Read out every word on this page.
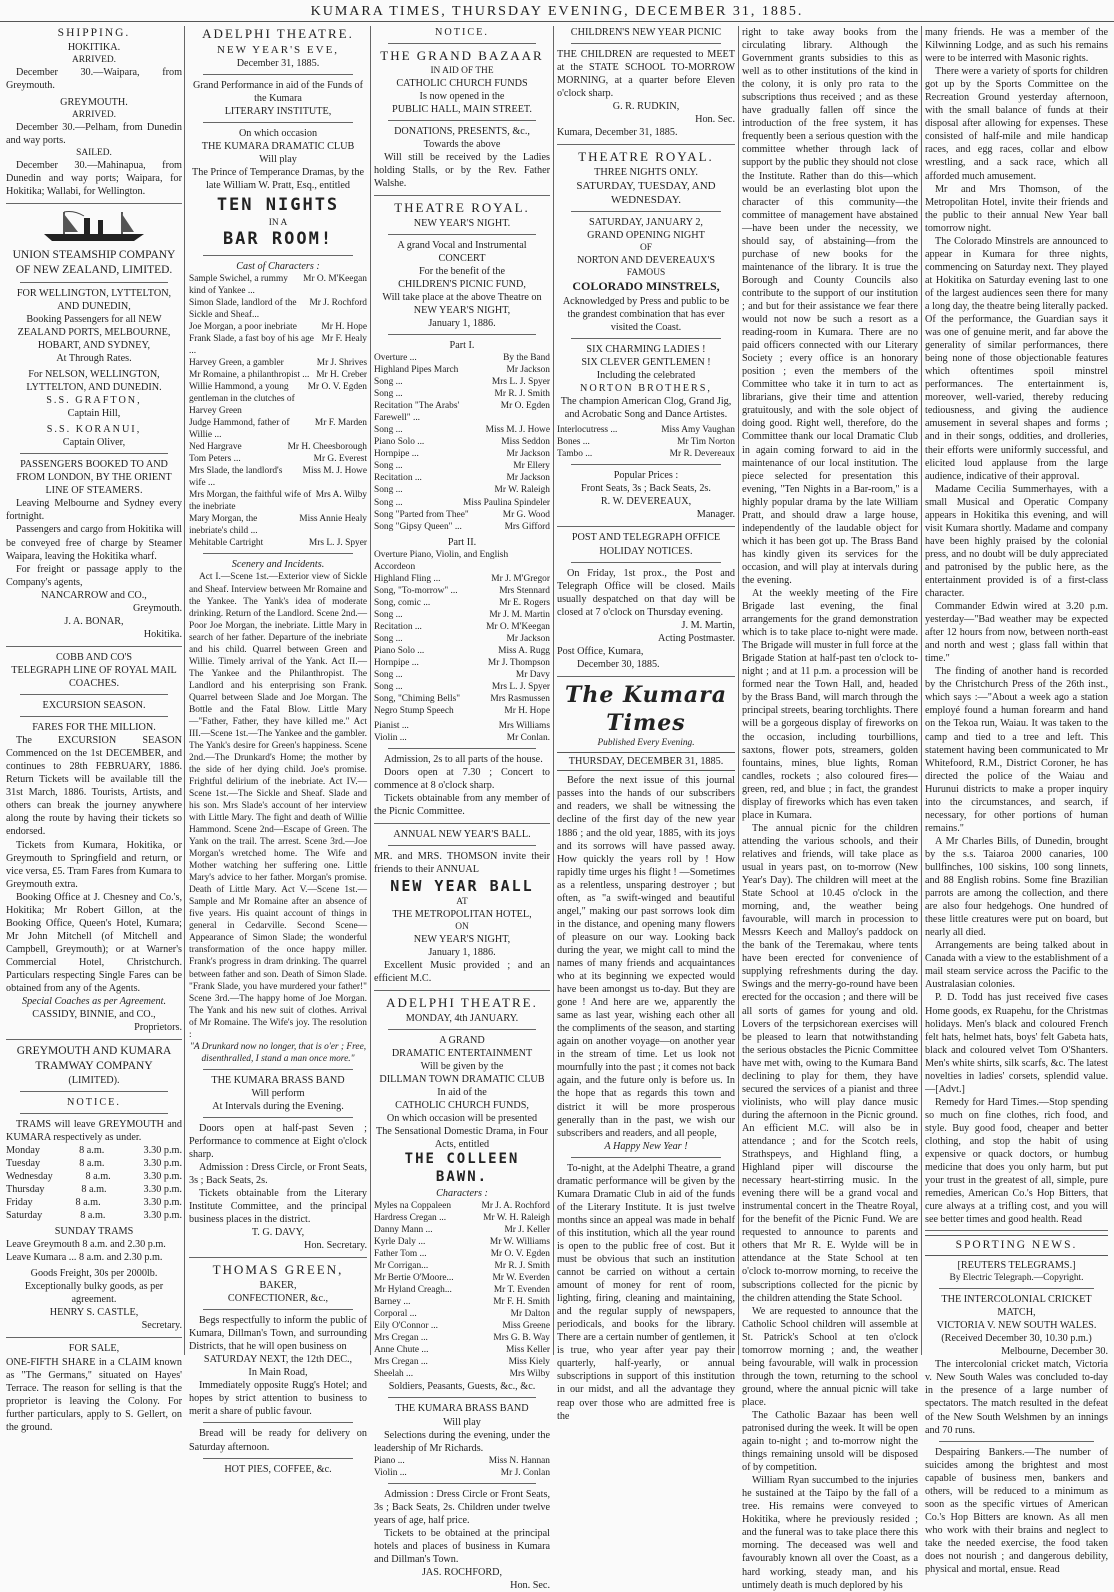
KUMARA TIMES, THURSDAY EVENING, DECEMBER 31, 1885.
SHIPPING.
HOKITIKA.
ARRIVED.

December 30.—Waipara, from Greymouth.

GREYMOUTH.
ARRIVED.

December 30.—Pelham, from Dunedin and way ports.

SAILED.

December 30.—Mahinapua, from Dunedin and way ports; Waipara, for Hokitika; Wallabi, for Wellington.

UNION STEAMSHIP COMPANY OF NEW ZEALAND, LIMITED.
FOR WELLINGTON, LYTTELTON, AND DUNEDIN,
Booking Passengers for all NEW ZEALAND PORTS, MELBOURNE, HOBART, AND SYDNEY,
At Through Rates.
For NELSON, WELLINGTON, LYTTELTON, AND DUNEDIN.
S.S. GRAFTON,
Captain Hill,
S.S. KORANUI,
Captain Oliver,
PASSENGERS BOOKED TO AND FROM LONDON, BY THE ORIENT LINE OF STEAMERS.

Leaving Melbourne and Sydney every fortnight.

Passengers and cargo from Hokitika will be conveyed free of charge by Steamer Waipara, leaving the Hokitika wharf.

For freight or passage apply to the Company's agents,

NANCARROW and CO.,
Greymouth.
J. A. BONAR,
Hokitika.
COBB AND CO'S
TELEGRAPH LINE OF ROYAL MAIL COACHES.
EXCURSION SEASON.
FARES FOR THE MILLION.

The EXCURSION SEASON Commenced on the 1st DECEMBER, and continues to 28th FEBRUARY, 1886. Return Tickets will be available till the 31st March, 1886. Tourists, Artists, and others can break the journey anywhere along the route by having their tickets so endorsed.

Tickets from Kumara, Hokitika, or Greymouth to Springfield and return, or vice versa, £5. Tram Fares from Kumara to Greymouth extra.

Booking Office at J. Chesney and Co.'s, Hokitika; Mr Robert Gillon, at the Booking Office, Queen's Hotel, Kumara; Mr John Mitchell (of Mitchell and Campbell, Greymouth); or at Warner's Commercial Hotel, Christchurch. Particulars respecting Single Fares can be obtained from any of the Agents.

Special Coaches as per Agreement.
CASSIDY, BINNIE, and CO.,
Proprietors.
GREYMOUTH AND KUMARA TRAMWAY COMPANY
(LIMITED).
NOTICE.

TRAMS will leave GREYMOUTH and KUMARA respectively as under.

Monday	8 a.m.	3.30 p.m.
Tuesday	8 a.m.	3.30 p.m.
Wednesday	8 a.m.	3.30 p.m.
Thursday	8 a.m.	3.30 p.m.
Friday	8 a.m.	3.30 p.m.
Saturday	8 a.m.	3.30 p.m.
SUNDAY TRAMS
Leave Greymouth 8 a.m. and 2.30 p.m.
Leave Kumara ... 8 a.m. and 2.30 p.m.
Goods Freight, 30s per 2000lb.
Exceptionally bulky goods, as per agreement.
HENRY S. CASTLE,
Secretary.
FOR SALE,

ONE-FIFTH SHARE in a CLAIM known as "The Germans," situated on Hayes' Terrace. The reason for selling is that the proprietor is leaving the Colony. For further particulars, apply to S. Gellert, on the ground.

ADELPHI THEATRE.
NEW YEAR'S EVE,
December 31, 1885.
Grand Performance in aid of the Funds of the Kumara
LITERARY INSTITUTE,
On which occasion
THE KUMARA DRAMATIC CLUB
Will play
The Prince of Temperance Dramas, by the late William W. Pratt, Esq., entitled
TEN NIGHTS
IN A
BAR ROOM!
Cast of Characters :
Sample Swichel, a rummy kind of Yankee ...
Mr O. M'Keegan
Simon Slade, landlord of the Sickle and Sheaf...
Mr J. Rochford
Joe Morgan, a poor inebriate	Mr H. Hope
Frank Slade, a fast boy of his age ...
Mr F. Healy
Harvey Green, a gambler	Mr J. Shrives
Mr Romaine, a philanthropist ... Mr H. Creber
Willie Hammond, a young gentleman in the clutches of Harvey Green
Mr O. V. Egden
Judge Hammond, father of Willie ...
Mr F. Marden
Ned Hargrave	Mr H. Cheesborough
Tom Peters ...	Mr G. Everest
Mrs Slade, the landlord's wife ...
Miss M. J. Howe
Mrs Morgan, the faithful wife of the inebriate
Mrs A. Wilby
Mary Morgan, the inebriate's child ...
Miss Annie Healy
Mehitable Cartright	Mrs L. J. Spyer
Scenery and Incidents.

Act I.—Scene 1st.—Exterior view of Sickle and Sheaf. Interview between Mr Romaine and the Yankee. The Yank's idea of moderate drinking. Return of the Landlord. Scene 2nd.—Poor Joe Morgan, the inebriate. Little Mary in search of her father. Departure of the inebriate and his child. Quarrel between Green and Willie. Timely arrival of the Yank. Act II.—The Yankee and the Philanthropist. The Landlord and his enterprising son Frank. Quarrel between Slade and Joe Morgan. The Bottle and the Fatal Blow. Little Mary—"Father, Father, they have killed me." Act III.—Scene 1st.—The Yankee and the gambler. The Yank's desire for Green's happiness. Scene 2nd.—The Drunkard's Home; the mother by the side of her dying child. Joe's promise. Frightful delirium of the inebriate. Act IV.—Scene 1st.—The Sickle and Sheaf. Slade and his son. Mrs Slade's account of her interview with Little Mary. The fight and death of Willie Hammond. Scene 2nd—Escape of Green. The Yank on the trail. The arrest. Scene 3rd.—Joe Morgan's wretched home. The Wife and Mother watching her suffering one. Little Mary's advice to her father. Morgan's promise. Death of Little Mary. Act V.—Scene 1st.—Sample and Mr Romaine after an absence of five years. His quaint account of things in general in Cedarville. Second Scene—Appearance of Simon Slade; the wonderful transformation of the once happy miller. Frank's progress in dram drinking. The quarrel between father and son. Death of Simon Slade. "Frank Slade, you have murdered your father!" Scene 3rd.—The happy home of Joe Morgan. The Yank and his new suit of clothes. Arrival of Mr Romaine. The Wife's joy. The resolution :

"A Drunkard now no longer, that is o'er ; Free, disenthralled, I stand a man once more."
THE KUMARA BRASS BAND
Will perform
At Intervals during the Evening.

Doors open at half-past Seven ; Performance to commence at Eight o'clock sharp.

Admission : Dress Circle, or Front Seats, 3s ; Back Seats, 2s.

Tickets obtainable from the Literary Institute Committee, and the principal business places in the district.

T. G. DAVY,
Hon. Secretary.
THOMAS GREEN,
BAKER,
CONFECTIONER, &c.,

Begs respectfully to inform the public of Kumara, Dillman's Town, and surrounding Districts, that he will open business on

SATURDAY NEXT, the 12th DEC.,
In Main Road,

Immediately opposite Rugg's Hotel; and hopes by strict attention to business to merit a share of public favour.

Bread will be ready for delivery on Saturday afternoon.

HOT PIES, COFFEE, &c.
NOTICE.
THE GRAND BAZAAR
IN AID OF THE
CATHOLIC CHURCH FUNDS
Is now opened in the
PUBLIC HALL, MAIN STREET.
DONATIONS, PRESENTS, &c.,
Towards the above

Will still be received by the Ladies holding Stalls, or by the Rev. Father Walshe.

THEATRE ROYAL.
NEW YEAR'S NIGHT.
A grand Vocal and Instrumental
CONCERT
For the benefit of the
CHILDREN'S PICNIC FUND,
Will take place at the above Theatre on
NEW YEAR'S NIGHT,
January 1, 1886.
Part I.
Overture ...	By the Band
Highland Pipes March	Mr Jackson
Song ...	Mrs L. J. Spyer
Song ...	Mr R. J. Smith
Recitation "The Arabs' Farewell" ...
Mr O. Egden
Song ...	Miss M. J. Howe
Piano Solo ...	Miss Seddon
Hornpipe ...	Mr Jackson
Song ...	Mr Ellery
Recitation ...	Mr Jackson
Song ...	Mr W. Raleigh
Song ...	Miss Paulina Spindeler
Song "Parted from Thee"	Mr G. Wood
Song "Gipsy Queen" ...	Mrs Gifford
Part II.
Overture Piano, Violin, and English Accordeon
Highland Fling ...	Mr J. M'Gregor
Song, "To-morrow" ...	Mrs Stennard
Song, comic ...	Mr E. Rogers
Song ...	Mr J. M. Martin
Recitation ...	Mr O. M'Keegan
Song ...	Mr Jackson
Piano Solo ...	Miss A. Rugg
Hornpipe ...	Mr J. Thompson
Song ...	Mr Davy
Song ...	Mrs L. J. Spyer
Song, "Chiming Bells"	Mrs Rasmussen
Negro Stump Speech	Mr H. Hope
Pianist ...	Mrs Williams
Violin ...	Mr Conlan.

Admission, 2s to all parts of the house.

Doors open at 7.30 ; Concert to commence at 8 o'clock sharp.

Tickets obtainable from any member of the Picnic Committee.

ANNUAL NEW YEAR'S BALL.

MR. and MRS. THOMSON invite their friends to their ANNUAL

NEW YEAR BALL
AT
THE METROPOLITAN HOTEL,
ON
NEW YEAR'S NIGHT,
January 1, 1886.

Excellent Music provided ; and an efficient M.C.

ADELPHI THEATRE.
MONDAY, 4th JANUARY.
A GRAND
DRAMATIC ENTERTAINMENT
Will be given by the
DILLMAN TOWN DRAMATIC CLUB
In aid of the
CATHOLIC CHURCH FUNDS,
On which occasion will be presented
The Sensational Domestic Drama, in Four Acts, entitled
THE COLLEEN BAWN.
Characters :
Myles na Coppaleen	Mr J. A. Rochford
Hardress Cregan ...	Mr W. H. Raleigh
Danny Mann ...	Mr J. Keller
Kyrle Daly ...	Mr W. Williams
Father Tom ...	Mr O. V. Egden
Mr Corrigan...	Mr R. J. Smith
Mr Bertie O'Moore...	Mr W. Everden
Mr Hyland Creagh...	Mr T. Evenden
Barney ...	Mr F. H. Smith
Corporal ...	Mr Dalton
Eily O'Connor ...	Miss Greene
Mrs Cregan ...	Mrs G. B. Way
Anne Chute ...	Miss Keller
Mrs Cregan ...	Miss Kiely
Sheelah ...	Mrs Wilby
Soldiers, Peasants, Guests, &c., &c.
THE KUMARA BRASS BAND
Will play

Selections during the evening, under the leadership of Mr Richards.

Piano ...	Miss N. Hannan
Violin ...	Mr J. Conlan

Admission : Dress Circle or Front Seats, 3s ; Back Seats, 2s. Children under twelve years of age, half price.

Tickets to be obtained at the principal hotels and places of business in Kumara and Dillman's Town.

JAS. ROCHFORD,
Hon. Sec.
CHILDREN'S NEW YEAR PICNIC

THE CHILDREN are requested to MEET at the STATE SCHOOL TO-MORROW MORNING, at a quarter before Eleven o'clock sharp.

G. R. RUDKIN,
Hon. Sec.
Kumara, December 31, 1885.
THEATRE ROYAL.
THREE NIGHTS ONLY.
SATURDAY, TUESDAY, AND WEDNESDAY.
SATURDAY, JANUARY 2,
GRAND OPENING NIGHT
OF
NORTON AND DEVEREAUX'S
FAMOUS
COLORADO MINSTRELS,
Acknowledged by Press and public to be the grandest combination that has ever visited the Coast.
SIX CHARMING LADIES !
SIX CLEVER GENTLEMEN !
Including the celebrated
NORTON BROTHERS,
The champion American Clog, Grand Jig, and Acrobatic Song and Dance Artistes.
Interlocutress ...	Miss Amy Vaughan
Bones ...	Mr Tim Norton
Tambo ...	Mr R. Devereaux
Popular Prices :
Front Seats, 3s ; Back Seats, 2s.
R. W. DEVEREAUX,
Manager.
POST AND TELEGRAPH OFFICE HOLIDAY NOTICES.

On Friday, 1st prox., the Post and Telegraph Office will be closed. Mails usually despatched on that day will be closed at 7 o'clock on Thursday evening.

J. M. Martin,
Acting Postmaster.
Post Office, Kumara,
December 30, 1885.
The Kumara Times
Published Every Evening.
THURSDAY, DECEMBER 31, 1885.

Before the next issue of this journal passes into the hands of our subscribers and readers, we shall be witnessing the decline of the first day of the new year 1886 ; and the old year, 1885, with its joys and its sorrows will have passed away. How quickly the years roll by ! How rapidly time urges his flight ! —Sometimes as a relentless, unsparing destroyer ; but often, as "a swift-winged and beautiful angel," making our past sorrows look dim in the distance, and opening many flowers of pleasure on our way. Looking back during the year, we might call to mind the names of many friends and acquaintances who at its beginning we expected would have been amongst us to-day. But they are gone ! And here are we, apparently the same as last year, wishing each other all the compliments of the season, and starting again on another voyage—on another year in the stream of time. Let us look not mournfully into the past ; it comes not back again, and the future only is before us. In the hope that as regards this town and district it will be more prosperous generally than in the past, we wish our subscribers and readers, and all people,

A Happy New Year !

To-night, at the Adelphi Theatre, a grand dramatic performance will be given by the Kumara Dramatic Club in aid of the funds of the Literary Institute. It is just twelve months since an appeal was made in behalf of this institution, which all the year round is open to the public free of cost. But it must be obvious that such an institution cannot be carried on without a certain amount of money for rent of room, lighting, firing, cleaning and maintaining, and the regular supply of newspapers, periodicals, and books for the library. There are a certain number of gentlemen, it is true, who year after year pay their quarterly, half-yearly, or annual subscriptions in support of this institution in our midst, and all the advantage they reap over those who are admitted free is the

right to take away books from the circulating library. Although the Government grants subsidies to this as well as to other institutions of the kind in the colony, it is only pro rata to the subscriptions thus received ; and as these have gradually fallen off since the introduction of the free system, it has frequently been a serious question with the committee whether through lack of support by the public they should not close the Institute. Rather than do this—which would be an everlasting blot upon the character of this community—the committee of management have abstained—have been under the necessity, we should say, of abstaining—from the purchase of new books for the maintenance of the library. It is true the Borough and County Councils also contribute to the support of our institution ; and but for their assistance we fear there would not now be such a resort as a reading-room in Kumara. There are no paid officers connected with our Literary Society ; every office is an honorary position ; even the members of the Committee who take it in turn to act as librarians, give their time and attention gratuitously, and with the sole object of doing good. Right well, therefore, do the Committee thank our local Dramatic Club in again coming forward to aid in the maintenance of our local institution. The piece selected for presentation this evening, "Ten Nights in a Bar-room," is a highly popular drama by the late William Pratt, and should draw a large house, independently of the laudable object for which it has been got up. The Brass Band has kindly given its services for the occasion, and will play at intervals during the evening.

At the weekly meeting of the Fire Brigade last evening, the final arrangements for the grand demonstration which is to take place to-night were made. The Brigade will muster in full force at the Brigade Station at half-past ten o'clock to-night ; and at 11 p.m. a procession will be formed near the Town Hall, and, headed by the Brass Band, will march through the principal streets, bearing torchlights. There will be a gorgeous display of fireworks on the occasion, including tourbillions, saxtons, flower pots, streamers, golden fountains, mines, blue lights, Roman candles, rockets ; also coloured fires—green, red, and blue ; in fact, the grandest display of fireworks which has even taken place in Kumara.

The annual picnic for the children attending the various schools, and their relatives and friends, will take place as usual in years past, on to-morrow (New Year's Day). The children will meet at the State School at 10.45 o'clock in the morning, and, the weather being favourable, will march in procession to Messrs Keech and Malloy's paddock on the bank of the Teremakau, where tents have been erected for convenience of supplying refreshments during the day. Swings and the merry-go-round have been erected for the occasion ; and there will be all sorts of games for young and old. Lovers of the terpsichorean exercises will be pleased to learn that notwithstanding the serious obstacles the Picnic Committee have met with, owing to the Kumara Band declining to play for them, they have secured the services of a pianist and three violinists, who will play dance music during the afternoon in the Picnic ground. An efficient M.C. will also be in attendance ; and for the Scotch reels, Strathspeys, and Highland fling, a Highland piper will discourse the necessary heart-stirring music. In the evening there will be a grand vocal and instrumental concert in the Theatre Royal, for the benefit of the Picnic Fund. We are requested to announce to parents and others that Mr R. E. Wylde will be in attendance at the State School at ten o'clock to-morrow morning, to receive the subscriptions collected for the picnic by the children attending the State School.

We are requested to announce that the Catholic School children will assemble at St. Patrick's School at ten o'clock tomorrow morning ; and, the weather being favourable, will walk in procession through the town, returning to the school ground, where the annual picnic will take place.

The Catholic Bazaar has been well patronised during the week. It will be open again to-night ; and to-morrow night the things remaining unsold will be disposed of by competition.

William Ryan succumbed to the injuries he sustained at the Taipo by the fall of a tree. His remains were conveyed to Hokitika, where he previously resided ; and the funeral was to take place there this morning. The deceased was well and favourably known all over the Coast, as a hard working, steady man, and his untimely death is much deplored by his

many friends. He was a member of the Kilwinning Lodge, and as such his remains were to be interred with Masonic rights.

There were a variety of sports for children got up by the Sports Committee on the Recreation Ground yesterday afternoon, with the small balance of funds at their disposal after allowing for expenses. These consisted of half-mile and mile handicap races, and egg races, collar and elbow wrestling, and a sack race, which all afforded much amusement.

Mr and Mrs Thomson, of the Metropolitan Hotel, invite their friends and the public to their annual New Year ball tomorrow night.

The Colorado Minstrels are announced to appear in Kumara for three nights, commencing on Saturday next. They played at Hokitika on Saturday evening last to one of the largest audiences seen there for many a long day, the theatre being literally packed. Of the performance, the Guardian says it was one of genuine merit, and far above the generality of similar performances, there being none of those objectionable features which oftentimes spoil minstrel performances. The entertainment is, moreover, well-varied, thereby reducing tediousness, and giving the audience amusement in several shapes and forms ; and in their songs, oddities, and drolleries, their efforts were uniformly successful, and elicited loud applause from the large audience, indicative of their approval.

Madame Cecilia Summerhayes, with a small Musical and Operatic Company appears in Hokitika this evening, and will visit Kumara shortly. Madame and company have been highly praised by the colonial press, and no doubt will be duly appreciated and patronised by the public here, as the entertainment provided is of a first-class character.

Commander Edwin wired at 3.20 p.m. yesterday—"Bad weather may be expected after 12 hours from now, between north-east and north and west ; glass fall within that time."

The finding of another hand is recorded by the Christchurch Press of the 26th inst., which says :—"About a week ago a station employé found a human forearm and hand on the Tekoa run, Waiau. It was taken to the camp and tied to a tree and left. This statement having been communicated to Mr Whitefoord, R.M., District Coroner, he has directed the police of the Waiau and Hurunui districts to make a proper inquiry into the circumstances, and search, if necessary, for other portions of human remains."

A Mr Charles Bills, of Dunedin, brought by the s.s. Taiaroa 2000 canaries, 100 bullfinches, 100 siskins, 100 song linnets, and 88 English robins. Some fine Brazilian parrots are among the collection, and there are also four hedgehogs. One hundred of these little creatures were put on board, but nearly all died.

Arrangements are being talked about in Canada with a view to the establishment of a mail steam service across the Pacific to the Australasian colonies.

P. D. Todd has just received five cases Home goods, ex Ruapehu, for the Christmas holidays. Men's black and coloured French felt hats, helmet hats, boys' felt Gabeta hats, black and coloured velvet Tom O'Shanters. Men's white shirts, silk scarfs, &c. The latest novelties in ladies' corsets, splendid value.—[Advt.]

Remedy for Hard Times.—Stop spending so much on fine clothes, rich food, and style. Buy good food, cheaper and better clothing, and stop the habit of using expensive or quack doctors, or humbug medicine that does you only harm, but put your trust in the greatest of all, simple, pure remedies, American Co.'s Hop Bitters, that cure always at a trifling cost, and you will see better times and good health. Read

SPORTING NEWS.
[REUTERS TELEGRAMS.]
By Electric Telegraph.—Copyright.
THE INTERCOLONIAL CRICKET MATCH,
VICTORIA V. NEW SOUTH WALES.
(Received December 30, 10.30 p.m.)
Melbourne, December 30.

The intercolonial cricket match, Victoria v. New South Wales was concluded to-day in the presence of a large number of spectators. The match resulted in the defeat of the New South Welshmen by an innings and 70 runs.

Despairing Bankers.—The number of suicides among the brightest and most capable of business men, bankers and others, will be reduced to a minimum as soon as the specific virtues of American Co.'s Hop Bitters are known. As all men who work with their brains and neglect to take the needed exercise, the food taken does not nourish ; and dangerous debility, physical and mortal, ensue. Read
